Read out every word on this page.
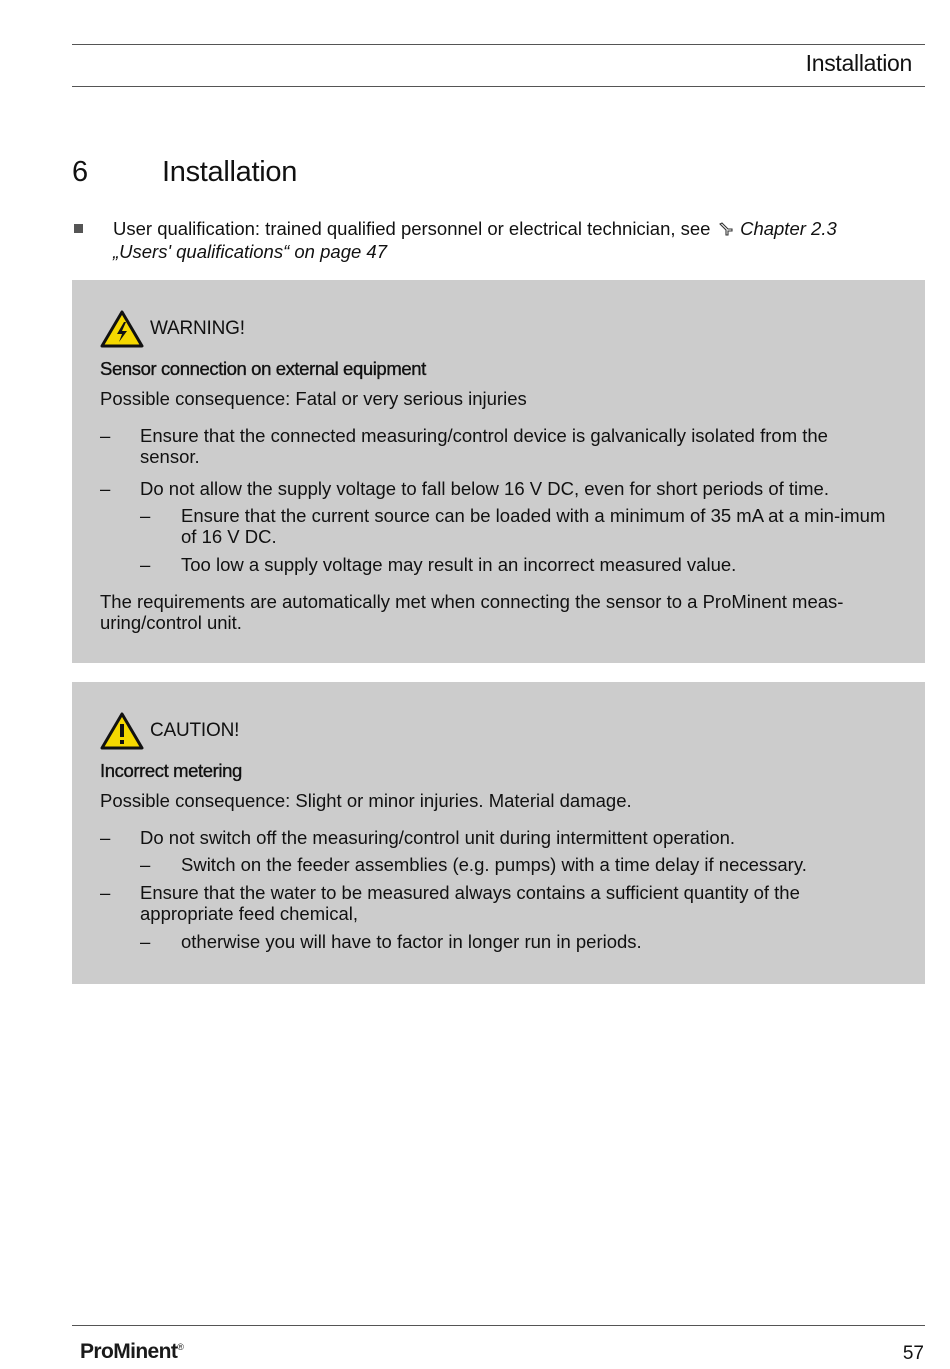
Installation
6	Installation
User qualification: trained qualified personnel or electrical technician, see Chapter 2.3
„Users' qualifications“ on page 47
WARNING!
Sensor connection on external equipment
Possible consequence: Fatal or very serious injuries
– Ensure that the connected measuring/control device is galvanically isolated from the sensor.
– Do not allow the supply voltage to fall below 16 V DC, even for short periods of time.
– Ensure that the current source can be loaded with a minimum of 35 mA at a min-imum of 16 V DC.
– Too low a supply voltage may result in an incorrect measured value.
The requirements are automatically met when connecting the sensor to a ProMinent meas-uring/control unit.
CAUTION!
Incorrect metering
Possible consequence: Slight or minor injuries. Material damage.
– Do not switch off the measuring/control unit during intermittent operation.
– Switch on the feeder assemblies (e.g. pumps) with a time delay if necessary.
– Ensure that the water to be measured always contains a sufficient quantity of the appropriate feed chemical,
– otherwise you will have to factor in longer run in periods.
ProMinent®	57
